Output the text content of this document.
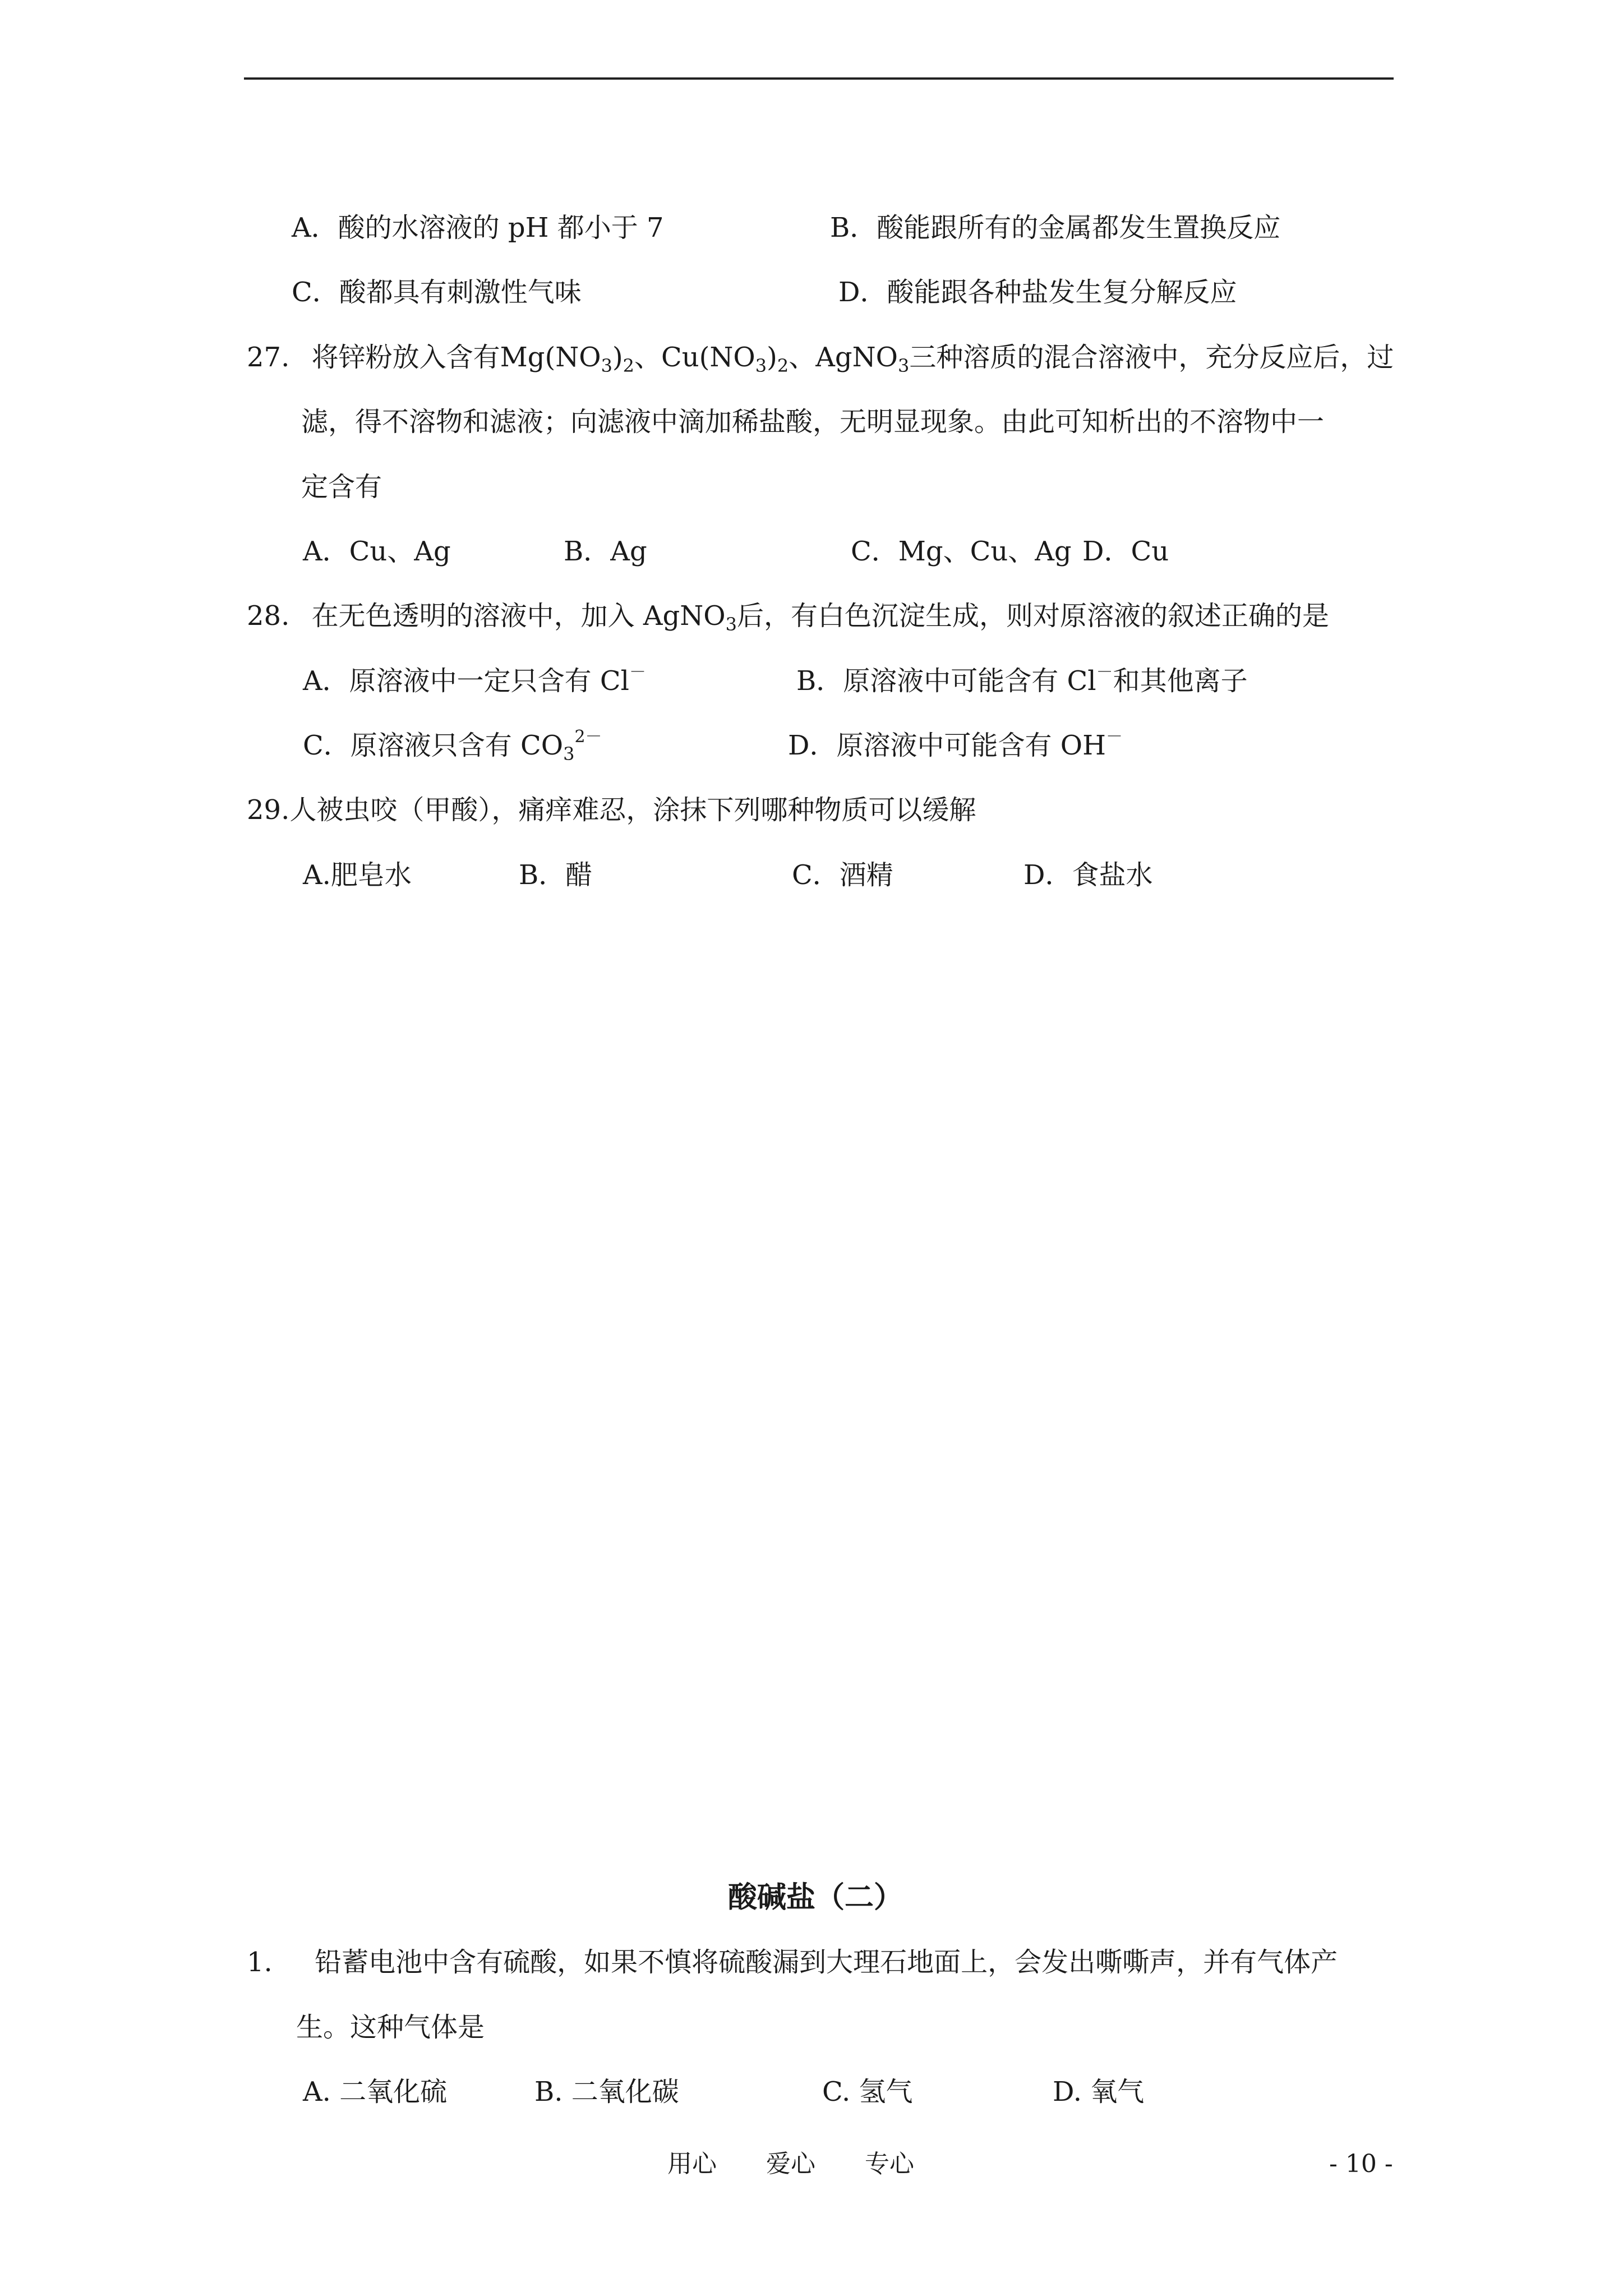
A．酸的水溶液的 pH 都小于 7	B．酸能跟所有的金属都发生置换反应
C．酸都具有刺激性气味	D．酸能跟各种盐发生复分解反应
27. 将锌粉放入含有$Mg(NO_3)_2$、$Cu(NO_3)_2$、AgNO$_3$三种溶质的混合溶液中，充分反应后，过
滤，得不溶物和滤液；向滤液中滴加稀盐酸，无明显现象。由此可知析出的不溶物中一
定含有
A．Cu、Ag	B．Ag	C．Mg、Cu、Ag D．Cu
28. 在无色透明的溶液中，加入 AgNO$_3$后，有白色沉淀生成，则对原溶液的叙述正确的是
A．原溶液中一定只含有 Cl－	B．原溶液中可能含有 Cl－和其他离子
C．原溶液只含有 $CO_3^{2-}$	D．原溶液中可能含有 OH－
29.人被虫咬（甲酸），痛痒难忍，涂抹下列哪种物质可以缓解
A.肥皂水	B．醋	C．酒精	D．食盐水
酸碱盐（二）
1. 铅蓄电池中含有硫酸，如果不慎将硫酸漏到大理石地面上，会发出嘶嘶声，并有气体产
生。这种气体是
A. 二氧化硫	B. 二氧化碳	C. 氢气	D. 氧气
用心　　爱心　　专心	- 10 -
